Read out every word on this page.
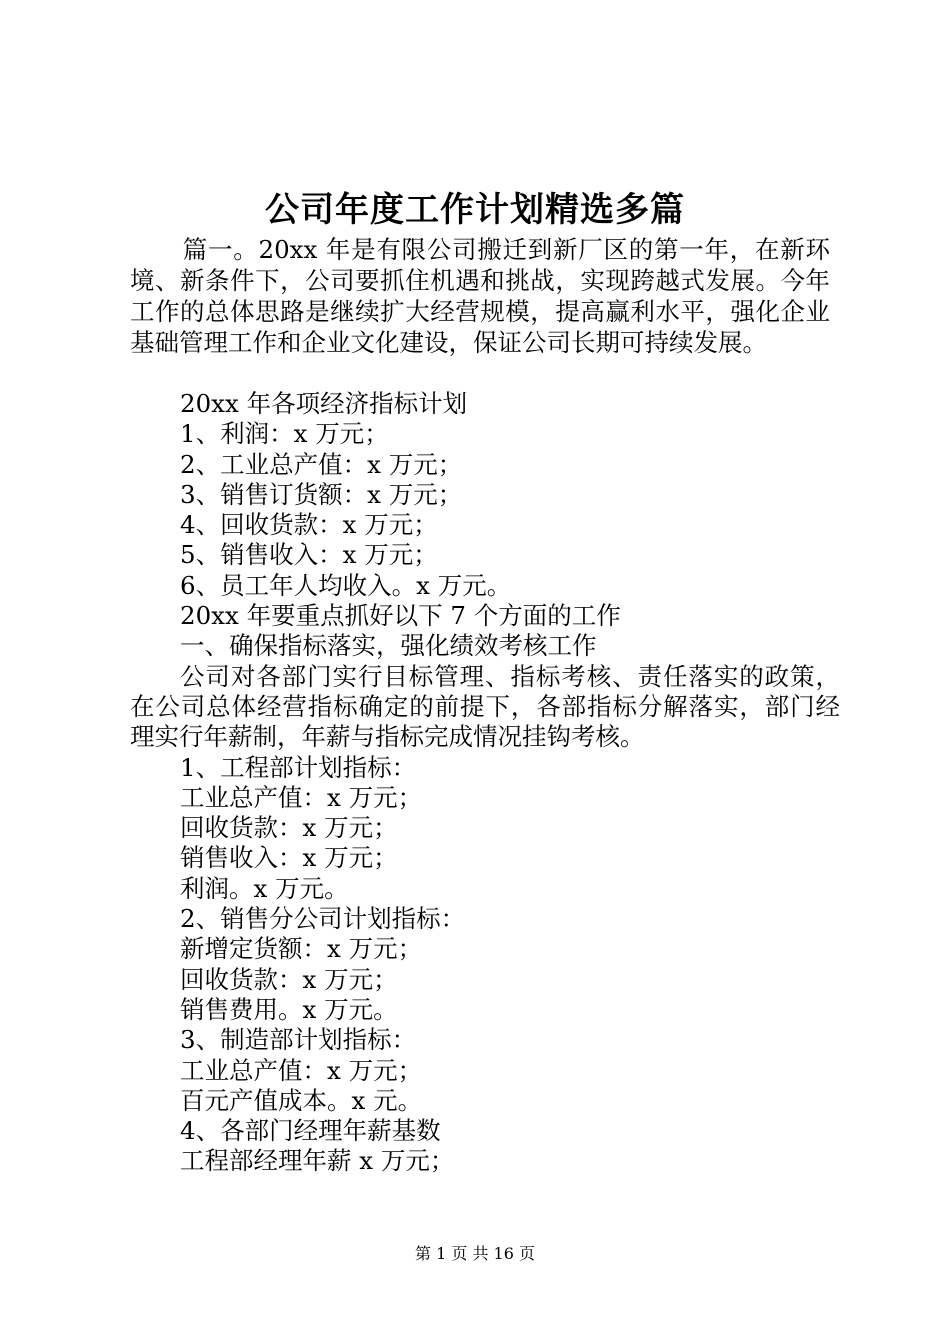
公司年度工作计划精选多篇

篇一。20xx 年是有限公司搬迁到新厂区的第一年，在新环境、新条件下，公司要抓住机遇和挑战，实现跨越式发展。今年工作的总体思路是继续扩大经营规模，提高赢利水平，强化企业基础管理工作和企业文化建设，保证公司长期可持续发展。

20xx 年各项经济指标计划
1、利润：x 万元；
2、工业总产值：x 万元；
3、销售订货额：x 万元；
4、回收货款：x 万元；
5、销售收入：x 万元；
6、员工年人均收入。x 万元。
20xx 年要重点抓好以下 7 个方面的工作
一、确保指标落实，强化绩效考核工作
公司对各部门实行目标管理、指标考核、责任落实的政策，在公司总体经营指标确定的前提下，各部指标分解落实，部门经理实行年薪制，年薪与指标完成情况挂钩考核。
1、工程部计划指标：
工业总产值：x 万元；
回收货款：x 万元；
销售收入：x 万元；
利润。x 万元。
2、销售分公司计划指标：
新增定货额：x 万元；
回收货款：x 万元；
销售费用。x 万元。
3、制造部计划指标：
工业总产值：x 万元；
百元产值成本。x 元。
4、各部门经理年薪基数
工程部经理年薪 x 万元；
第 1 页 共 16 页
